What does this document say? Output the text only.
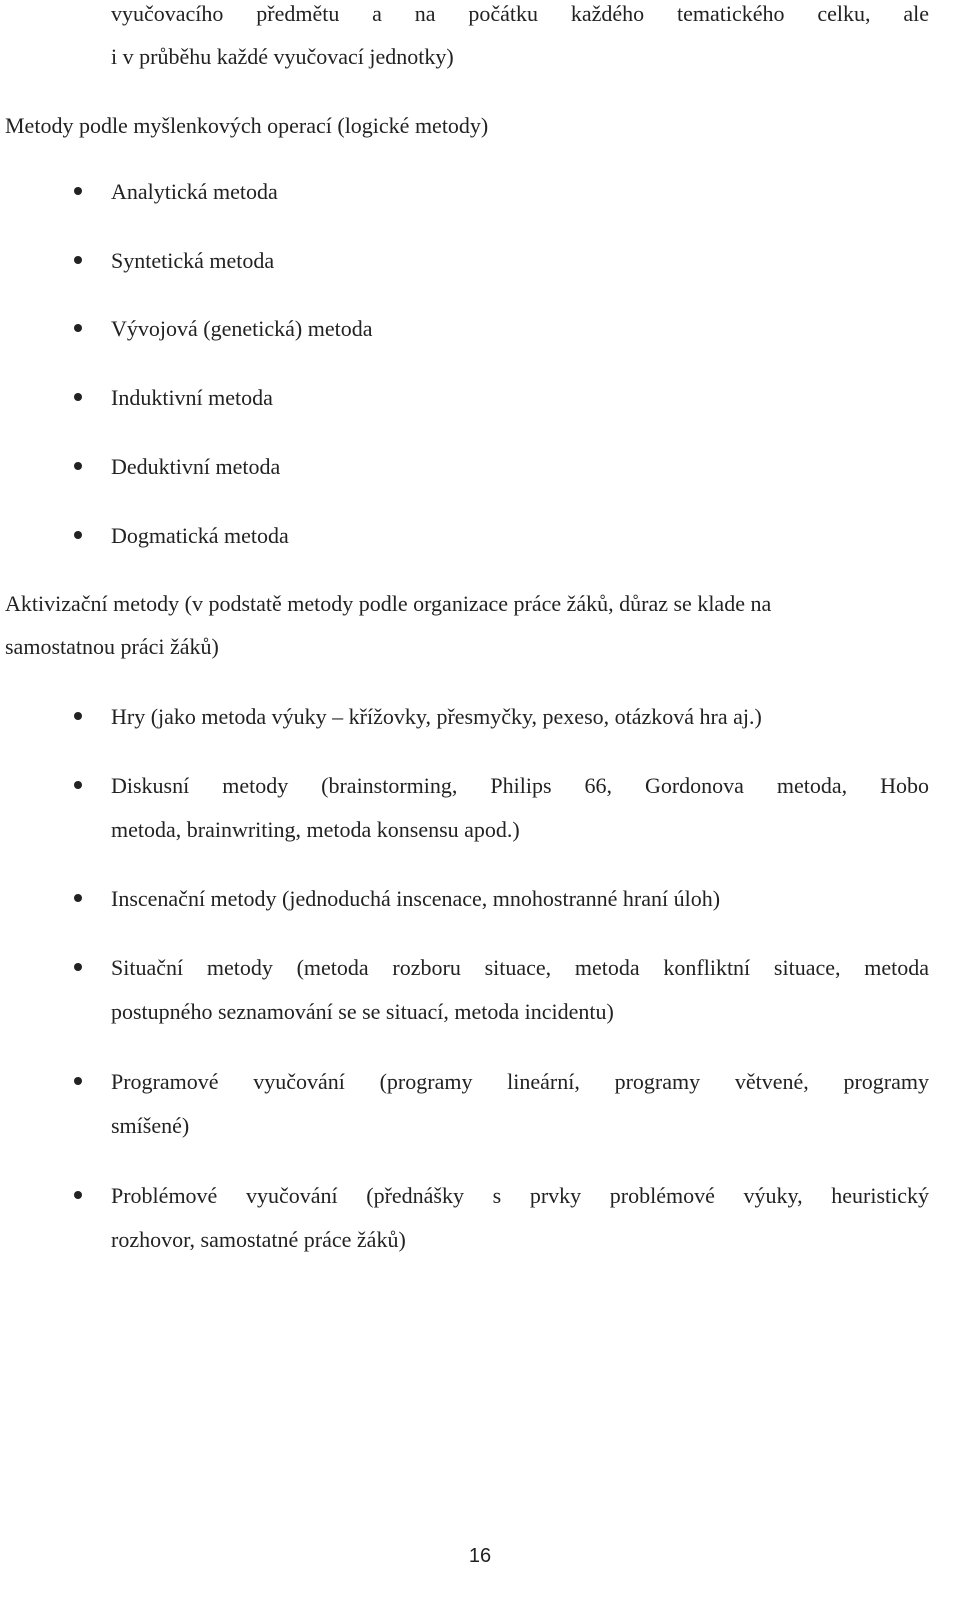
vyučovacího předmětu a na počátku každého tematického celku, ale
i v průběhu každé vyučovací jednotky)
Metody podle myšlenkových operací (logické metody)
Analytická metoda
Syntetická metoda
Vývojová (genetická) metoda
Induktivní metoda
Deduktivní metoda
Dogmatická metoda
Aktivizační metody (v podstatě metody podle organizace práce žáků, důraz se klade na
samostatnou práci žáků)
Hry (jako metoda výuky – křížovky, přesmyčky, pexeso, otázková hra aj.)
Diskusní metody (brainstorming, Philips 66, Gordonova metoda, Hobo
metoda, brainwriting, metoda konsensu apod.)
Inscenační metody (jednoduchá inscenace, mnohostranné hraní úloh)
Situační metody (metoda rozboru situace, metoda konfliktní situace, metoda
postupného seznamování se se situací, metoda incidentu)
Programové vyučování (programy lineární, programy větvené, programy
smíšené)
Problémové vyučování (přednášky s prvky problémové výuky, heuristický
rozhovor, samostatné práce žáků)
16
